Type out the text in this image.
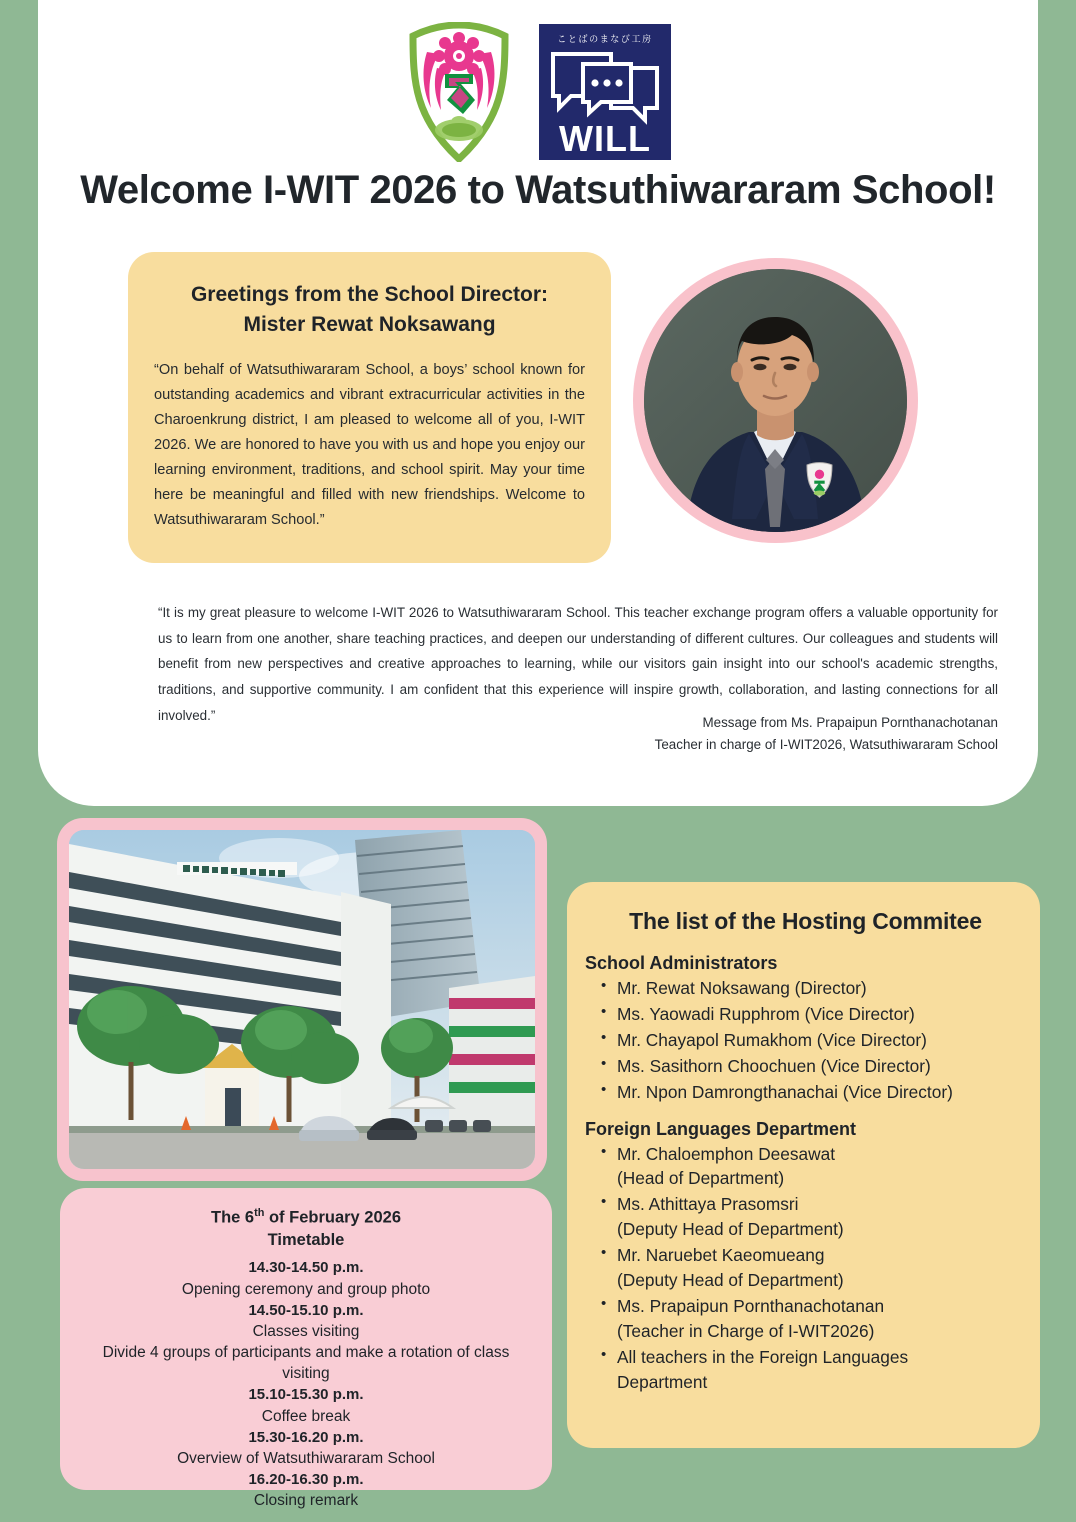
ことばのまなび工房
WILL
Welcome I-WIT 2026 to Watsuthiwararam School!
Greetings from the School Director:
Mister Rewat Noksawang
“On behalf of Watsuthiwararam School, a boys’ school known for outstanding academics and vibrant extracurricular activities in the Charoenkrung district, I am pleased to welcome all of you, I-WIT 2026. We are honored to have you with us and hope you enjoy our learning environment, traditions, and school spirit. May your time here be meaningful and filled with new friendships. Welcome to Watsuthiwararam School.”
“It is my great pleasure to welcome I-WIT 2026 to Watsuthiwararam School. This teacher exchange program offers a valuable opportunity for us to learn from one another, share teaching practices, and deepen our understanding of different cultures. Our colleagues and students will benefit from new perspectives and creative approaches to learning, while our visitors gain insight into our school's academic strengths, traditions, and supportive community. I am confident that this experience will inspire growth, collaboration, and lasting connections for all involved.”	Message from Ms. Prapaipun Pornthanachotanan
Teacher in charge of I-WIT2026, Watsuthiwararam School
The 6th of February 2026
Timetable
14.30-14.50 p.m.
Opening ceremony and group photo
14.50-15.10 p.m.
Classes visiting
Divide 4 groups of participants and make a rotation of class visiting
15.10-15.30 p.m.
Coffee break
15.30-16.20 p.m.
Overview of Watsuthiwararam School
16.20-16.30 p.m.
Closing remark
The list of the Hosting Commitee
School Administrators
• Mr. Rewat Noksawang (Director)
• Ms. Yaowadi Rupphrom (Vice Director)
• Mr. Chayapol Rumakhom (Vice Director)
• Ms. Sasithorn Choochuen (Vice Director)
• Mr. Npon Damrongthanachai (Vice Director)
Foreign Languages Department
• Mr. Chaloemphon Deesawat
(Head of Department)
• Ms. Athittaya Prasomsri
(Deputy Head of Department)
• Mr. Naruebet Kaeomueang
(Deputy Head of Department)
• Ms. Prapaipun Pornthanachotanan
(Teacher in Charge of I-WIT2026)
• All teachers in the Foreign Languages
Department
